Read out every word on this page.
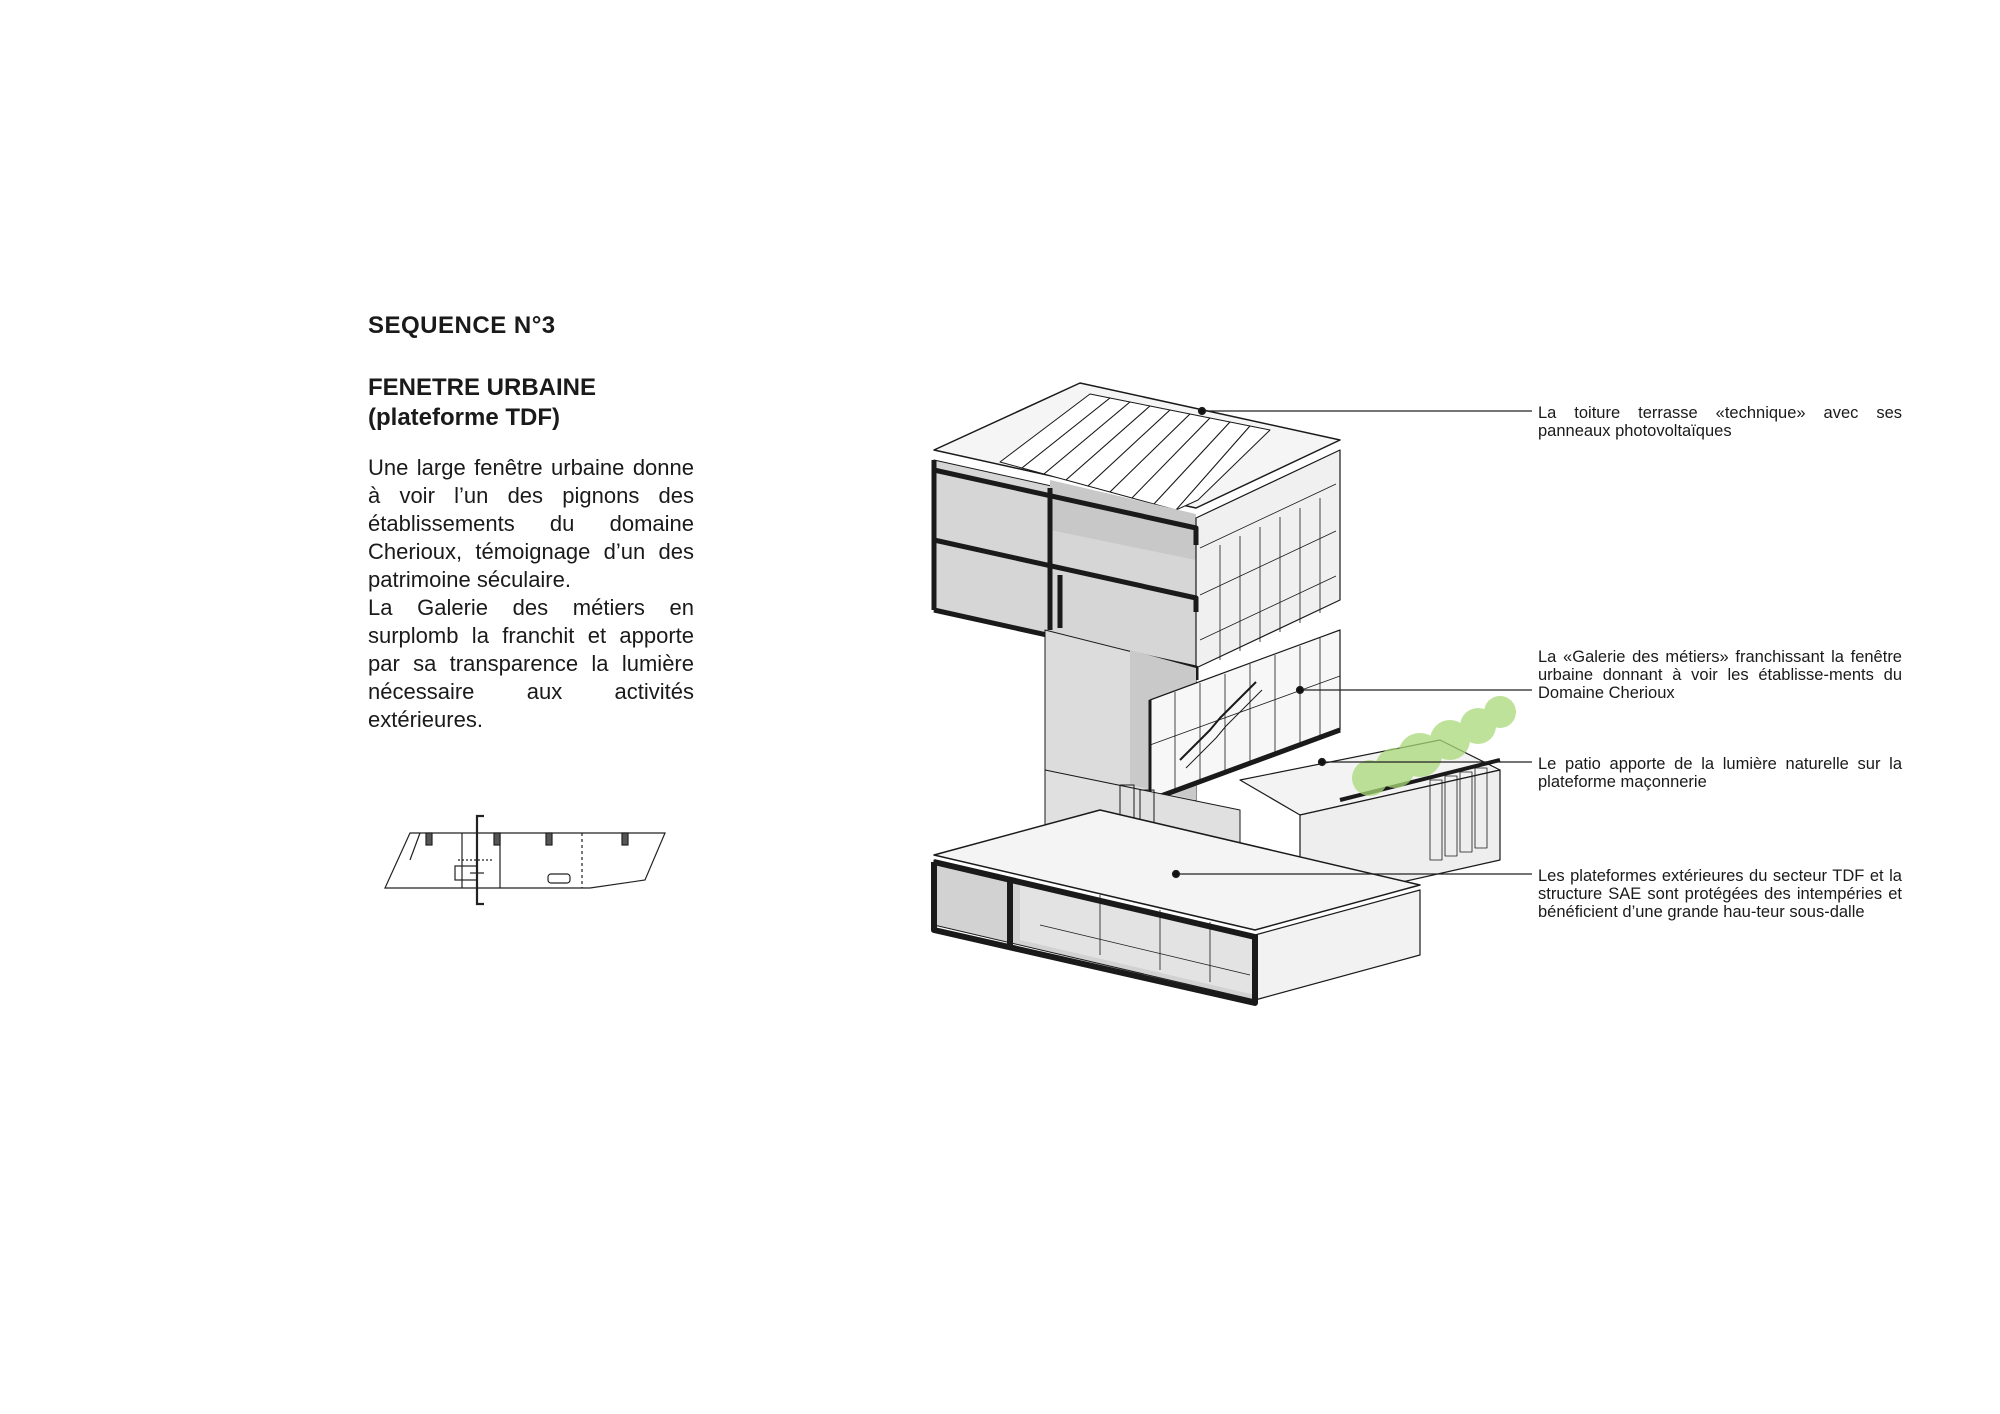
SEQUENCE N°3
FENETRE URBAINE
(plateforme TDF)

Une large fenêtre urbaine donne à voir l’un des pignons des établissements du domaine Cherioux, témoignage d’un des patrimoine séculaire.

La Galerie des métiers en surplomb la franchit et apporte par sa transparence la lumière nécessaire aux activités extérieures.

La toiture terrasse «technique» avec ses panneaux photovoltaïques
La «Galerie des métiers» franchissant la fenêtre urbaine donnant à voir les établisse-ments du Domaine Cherioux
Le patio apporte de la lumière naturelle sur la plateforme maçonnerie
Les plateformes extérieures du secteur TDF et la structure SAE sont protégées des intempéries et bénéficient d’une grande hau-teur sous-dalle
